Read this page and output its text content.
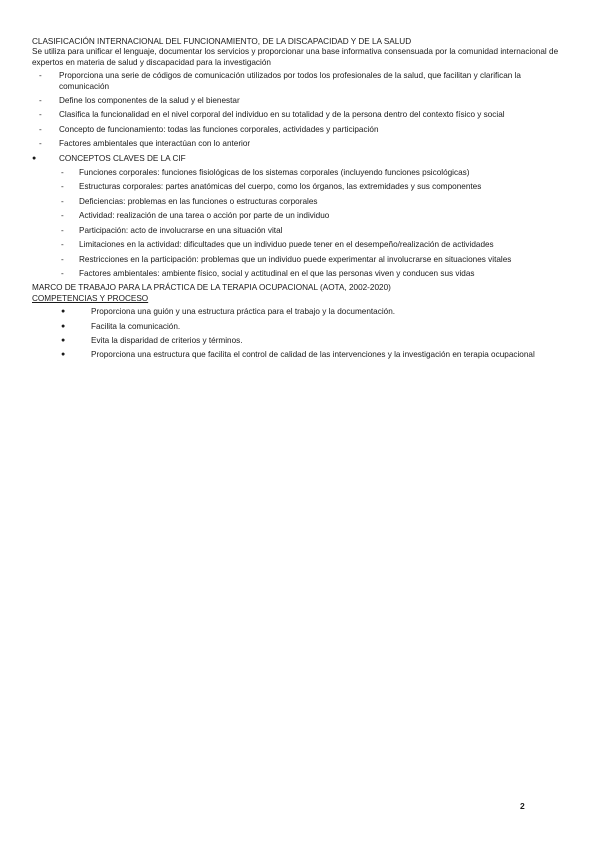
CLASIFICACIÓN INTERNACIONAL DEL FUNCIONAMIENTO, DE LA DISCAPACIDAD Y DE LA SALUD

Se utiliza para unificar el lenguaje, documentar los servicios y proporcionar una base informativa consensuada por la comunidad internacional de expertos en materia de salud y discapacidad para la investigación

- Proporciona una serie de códigos de comunicación utilizados por todos los profesionales de la salud, que facilitan y clarifican la comunicación
- Define los componentes de la salud y el bienestar
- Clasifica la funcionalidad en el nivel corporal del individuo en su totalidad y de la persona dentro del contexto físico y social
- Concepto de funcionamiento: todas las funciones corporales, actividades y participación
- Factores ambientales que interactúan con lo anterior
● CONCEPTOS CLAVES DE LA CIF
- Funciones corporales: funciones fisiológicas de los sistemas corporales (incluyendo funciones psicológicas)
- Estructuras corporales: partes anatómicas del cuerpo, como los órganos, las extremidades y sus componentes
- Deficiencias: problemas en las funciones o estructuras corporales
- Actividad: realización de una tarea o acción por parte de un individuo
- Participación: acto de involucrarse en una situación vital
- Limitaciones en la actividad: dificultades que un individuo puede tener en el desempeño/realización de actividades
- Restricciones en la participación: problemas que un individuo puede experimentar al involucrarse en situaciones vitales
- Factores ambientales: ambiente físico, social y actitudinal en el que las personas viven y conducen sus vidas

MARCO DE TRABAJO PARA LA PRÁCTICA DE LA TERAPIA OCUPACIONAL (AOTA, 2002-2020)

COMPETENCIAS Y PROCESO

● Proporciona una guión y una estructura práctica para el trabajo y la documentación.
● Facilita la comunicación.
● Evita la disparidad de criterios y términos.
● Proporciona una estructura que facilita el control de calidad de las intervenciones y la investigación en terapia ocupacional
2
